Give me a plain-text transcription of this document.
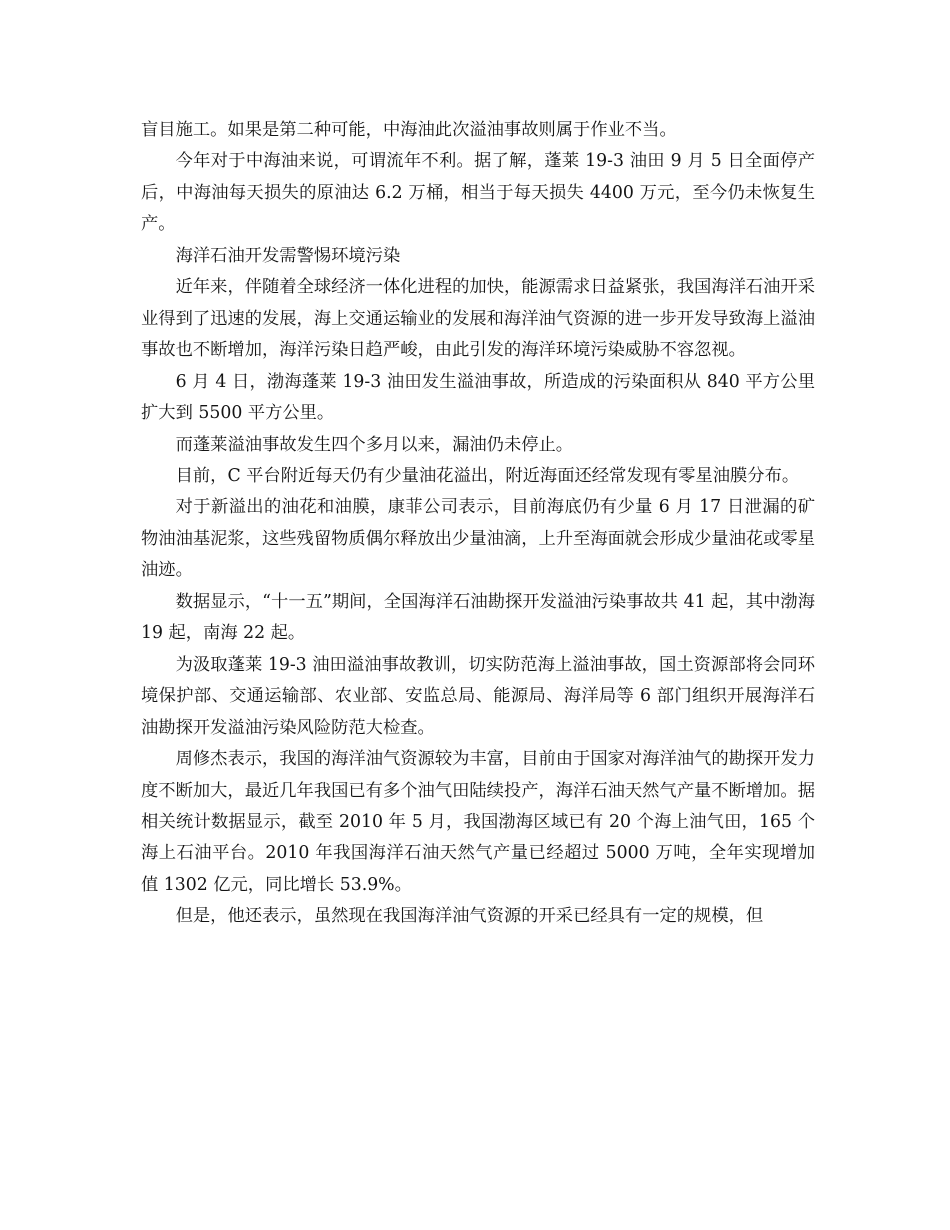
盲目施工。如果是第二种可能，中海油此次溢油事故则属于作业不当。

今年对于中海油来说，可谓流年不利。据了解，蓬莱 19-3 油田 9 月 5 日全面停产后，中海油每天损失的原油达 6.2 万桶，相当于每天损失 4400 万元，至今仍未恢复生产。

海洋石油开发需警惕环境污染

近年来，伴随着全球经济一体化进程的加快，能源需求日益紧张，我国海洋石油开采业得到了迅速的发展，海上交通运输业的发展和海洋油气资源的进一步开发导致海上溢油事故也不断增加，海洋污染日趋严峻，由此引发的海洋环境污染威胁不容忽视。

6 月 4 日，渤海蓬莱 19-3 油田发生溢油事故，所造成的污染面积从 840 平方公里扩大到 5500 平方公里。

而蓬莱溢油事故发生四个多月以来，漏油仍未停止。

目前，C 平台附近每天仍有少量油花溢出，附近海面还经常发现有零星油膜分布。

对于新溢出的油花和油膜，康菲公司表示，目前海底仍有少量 6 月 17 日泄漏的矿物油油基泥浆，这些残留物质偶尔释放出少量油滴，上升至海面就会形成少量油花或零星油迹。

数据显示，“十一五”期间，全国海洋石油勘探开发溢油污染事故共 41 起，其中渤海 19 起，南海 22 起。

为汲取蓬莱 19-3 油田溢油事故教训，切实防范海上溢油事故，国土资源部将会同环境保护部、交通运输部、农业部、安监总局、能源局、海洋局等 6 部门组织开展海洋石油勘探开发溢油污染风险防范大检查。

周修杰表示，我国的海洋油气资源较为丰富，目前由于国家对海洋油气的勘探开发力度不断加大，最近几年我国已有多个油气田陆续投产，海洋石油天然气产量不断增加。据相关统计数据显示，截至 2010 年 5 月，我国渤海区域已有 20 个海上油气田，165 个海上石油平台。2010 年我国海洋石油天然气产量已经超过 5000 万吨，全年实现增加值 1302 亿元，同比增长 53.9%。

但是，他还表示，虽然现在我国海洋油气资源的开采已经具有一定的规模，但
